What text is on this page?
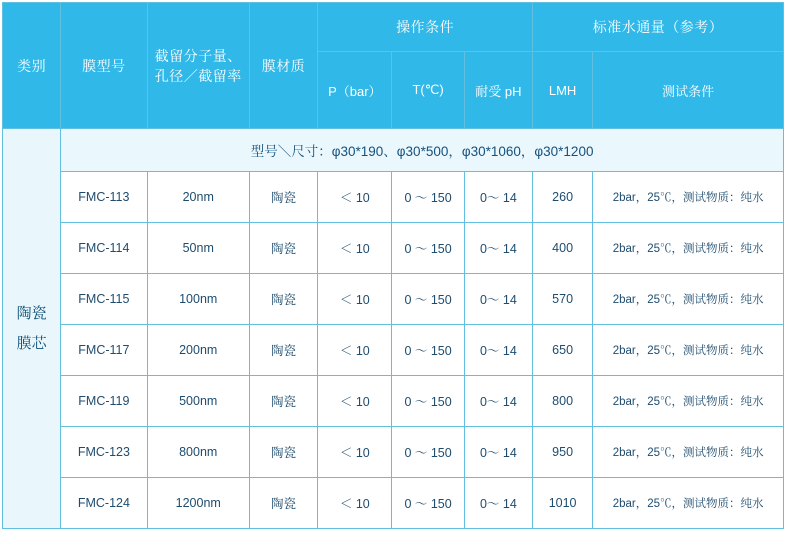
类别	膜型号	截留分子量、孔径／截留率	膜材质	操作条件			标准水通量（参考）	
				P（bar）	T(℃)	耐受 pH	LMH	测试条件

陶瓷
膜芯	型号＼尺寸：φ30*190、φ30*500，φ30*1060，φ30*1200							
	FMC-113	20nm	陶瓷	＜ 10	0 ～ 150	0～ 14	260	2bar，25℃，测试物质：纯水
	FMC-114	50nm	陶瓷	＜ 10	0 ～ 150	0～ 14	400	2bar，25℃，测试物质：纯水
	FMC-115	100nm	陶瓷	＜ 10	0 ～ 150	0～ 14	570	2bar，25℃，测试物质：纯水
	FMC-117	200nm	陶瓷	＜ 10	0 ～ 150	0～ 14	650	2bar，25℃，测试物质：纯水
	FMC-119	500nm	陶瓷	＜ 10	0 ～ 150	0～ 14	800	2bar，25℃，测试物质：纯水
	FMC-123	800nm	陶瓷	＜ 10	0 ～ 150	0～ 14	950	2bar，25℃，测试物质：纯水
	FMC-124	1200nm	陶瓷	＜ 10	0 ～ 150	0～ 14	1010	2bar，25℃，测试物质：纯水
